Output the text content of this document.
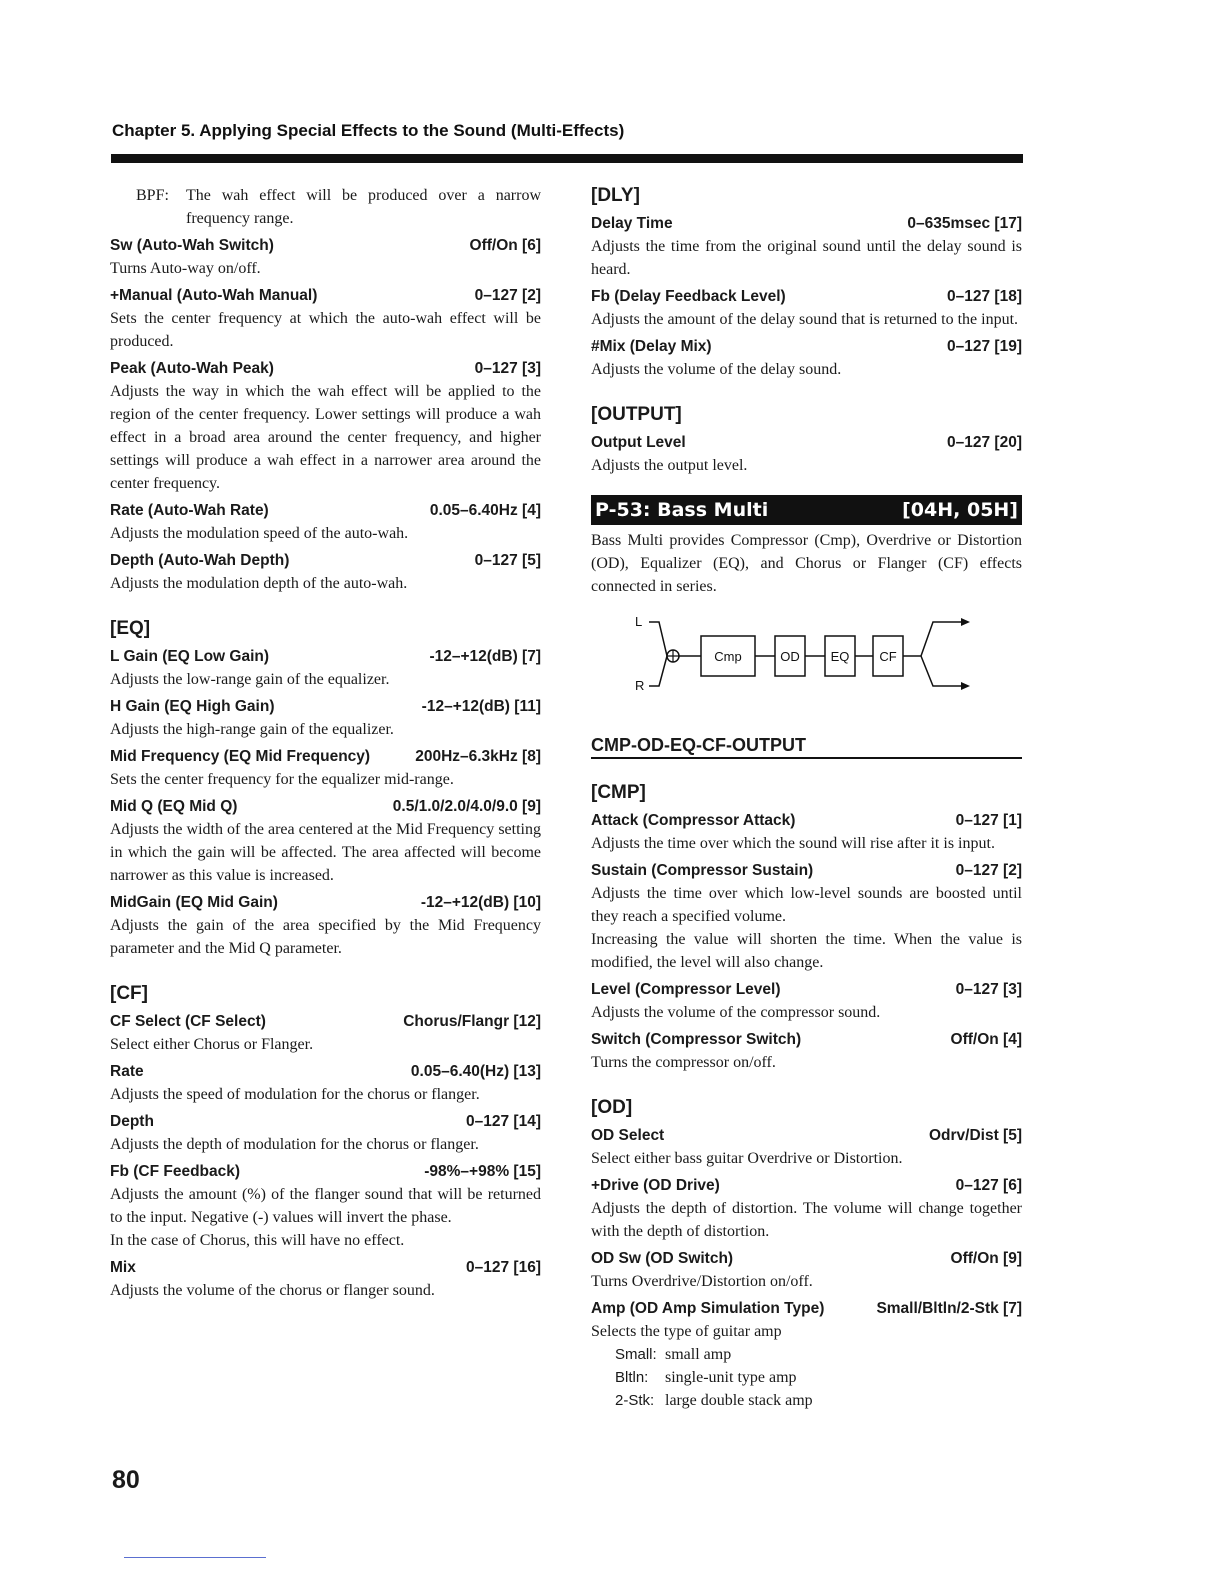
Chapter 5. Applying Special Effects to the Sound (Multi-Effects)
BPF:	The wah effect will be produced over a narrow frequency range.
Sw (Auto-Wah Switch)	Off/On [6]

Turns Auto-way on/off.

+Manual (Auto-Wah Manual)	0–127 [2]

Sets the center frequency at which the auto-wah effect will be produced.

Peak (Auto-Wah Peak)	0–127 [3]

Adjusts the way in which the wah effect will be applied to the region of the center frequency. Lower settings will produce a wah effect in a broad area around the center frequency, and higher settings will produce a wah effect in a narrower area around the center frequency.

Rate (Auto-Wah Rate)	0.05–6.40Hz [4]

Adjusts the modulation speed of the auto-wah.

Depth (Auto-Wah Depth)	0–127 [5]

Adjusts the modulation depth of the auto-wah.

[EQ]
L Gain (EQ Low Gain)	-12–+12(dB) [7]

Adjusts the low-range gain of the equalizer.

H Gain (EQ High Gain)	-12–+12(dB) [11]

Adjusts the high-range gain of the equalizer.

Mid Frequency (EQ Mid Frequency)	200Hz–6.3kHz [8]

Sets the center frequency for the equalizer mid-range.

Mid Q (EQ Mid Q)	0.5/1.0/2.0/4.0/9.0 [9]

Adjusts the width of the area centered at the Mid Frequency setting in which the gain will be affected. The area affected will become narrower as this value is increased.

MidGain (EQ Mid Gain)	-12–+12(dB) [10]

Adjusts the gain of the area specified by the Mid Frequency parameter and the Mid Q parameter.

[CF]
CF Select (CF Select)	Chorus/Flangr [12]

Select either Chorus or Flanger.

Rate	0.05–6.40(Hz) [13]

Adjusts the speed of modulation for the chorus or flanger.

Depth	0–127 [14]

Adjusts the depth of modulation for the chorus or flanger.

Fb (CF Feedback)	-98%–+98% [15]

Adjusts the amount (%) of the flanger sound that will be returned to the input. Negative (-) values will invert the phase.

In the case of Chorus, this will have no effect.

Mix	0–127 [16]

Adjusts the volume of the chorus or flanger sound.

[DLY]
Delay Time	0–635msec [17]

Adjusts the time from the original sound until the delay sound is heard.

Fb (Delay Feedback Level)	0–127 [18]

Adjusts the amount of the delay sound that is returned to the input.

#Mix (Delay Mix)	0–127 [19]

Adjusts the volume of the delay sound.

[OUTPUT]
Output Level	0–127 [20]

Adjusts the output level.

P-53: Bass Multi	[04H, 05H]

Bass Multi provides Compressor (Cmp), Overdrive or Distortion (OD), Equalizer (EQ), and Chorus or Flanger (CF) effects connected in series.

L
R
Cmp	OD EQ CF
CMP-OD-EQ-CF-OUTPUT
[CMP]
Attack (Compressor Attack)	0–127 [1]

Adjusts the time over which the sound will rise after it is input.

Sustain (Compressor Sustain)	0–127 [2]

Adjusts the time over which low-level sounds are boosted until they reach a specified volume.

Increasing the value will shorten the time. When the value is modified, the level will also change.

Level (Compressor Level)	0–127 [3]

Adjusts the volume of the compressor sound.

Switch (Compressor Switch)	Off/On [4]

Turns the compressor on/off.

[OD]
OD Select	Odrv/Dist [5]

Select either bass guitar Overdrive or Distortion.

+Drive (OD Drive)	0–127 [6]

Adjusts the depth of distortion. The volume will change together with the depth of distortion.

OD Sw (OD Switch)	Off/On [9]

Turns Overdrive/Distortion on/off.

Amp (OD Amp Simulation Type)	Small/Bltln/2-Stk [7]

Selects the type of guitar amp

Small: small amp
Bltln:	single-unit type amp
2-Stk: large double stack amp
80
